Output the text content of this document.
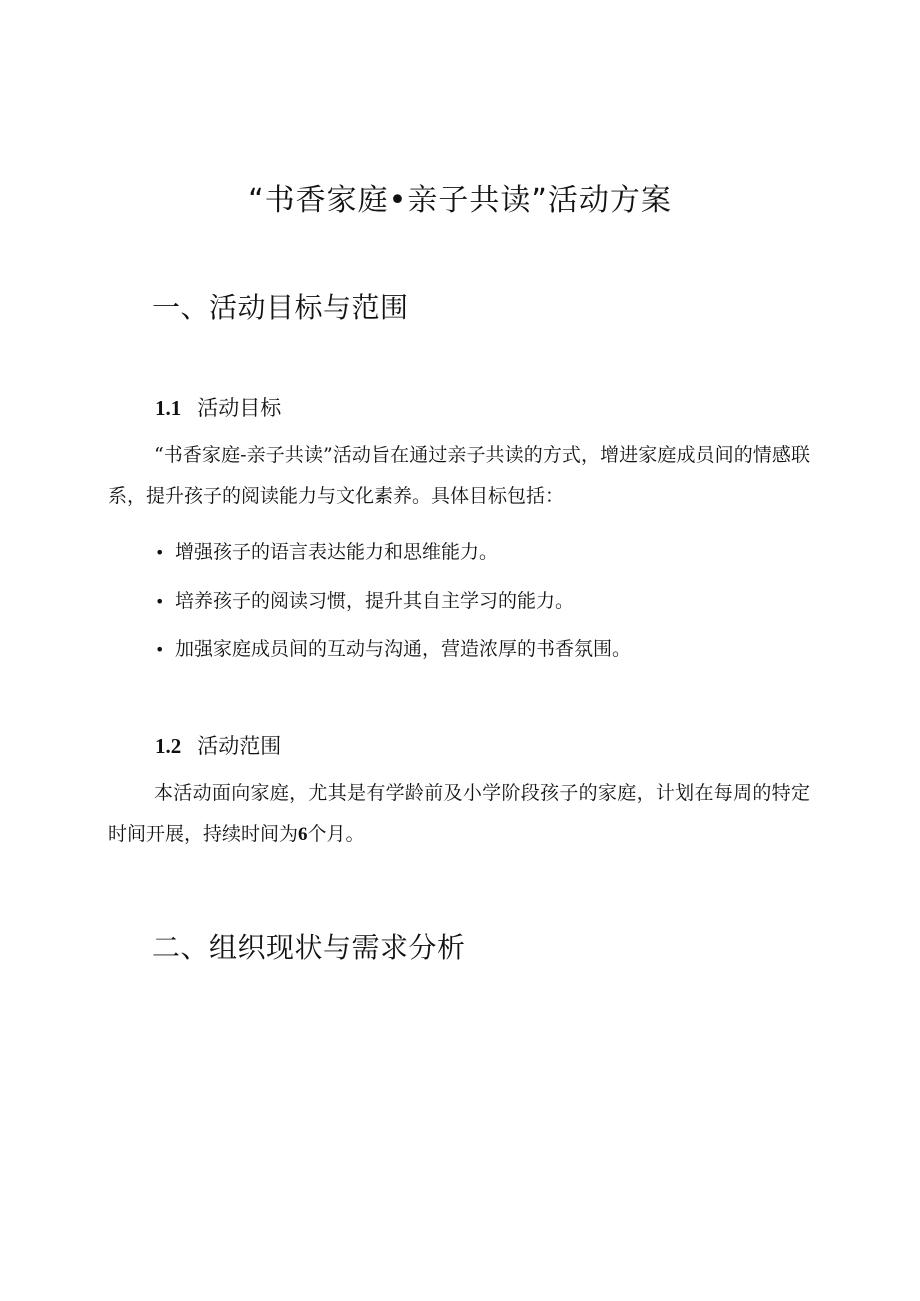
“书香家庭•亲子共读”活动方案
一、活动目标与范围
1.1 活动目标

“书香家庭-亲子共读”活动旨在通过亲子共读的方式，增进家庭成员间的情感联系，提升孩子的阅读能力与文化素养。具体目标包括：

• 增强孩子的语言表达能力和思维能力。

• 培养孩子的阅读习惯，提升其自主学习的能力。

• 加强家庭成员间的互动与沟通，营造浓厚的书香氛围。

1.2 活动范围

本活动面向家庭，尤其是有学龄前及小学阶段孩子的家庭，计划在每周的特定时间开展，持续时间为6个月。

二、组织现状与需求分析
